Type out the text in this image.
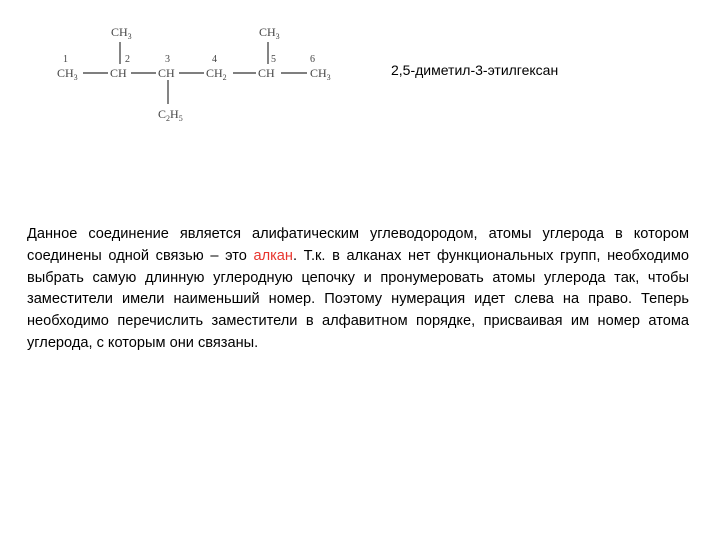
$CH_3$	$CH_3$
1	2	3	4	5	6
$CH_3$	CH	CH	$CH_2$	CH	$CH_3$
$C_2H_5$
2,5-диметил-3-этилгексан

Данное соединение является алифатическим углеводородом, атомы углерода в котором соединены одной связью – это алкан. Т.к. в алканах нет функциональных групп, необходимо выбрать самую длинную углеродную цепочку и пронумеровать атомы углерода так, чтобы заместители имели наименьший номер. Поэтому нумерация идет слева на право. Теперь необходимо перечислить заместители в алфавитном порядке, присваивая им номер атома углерода, с которым они связаны.
